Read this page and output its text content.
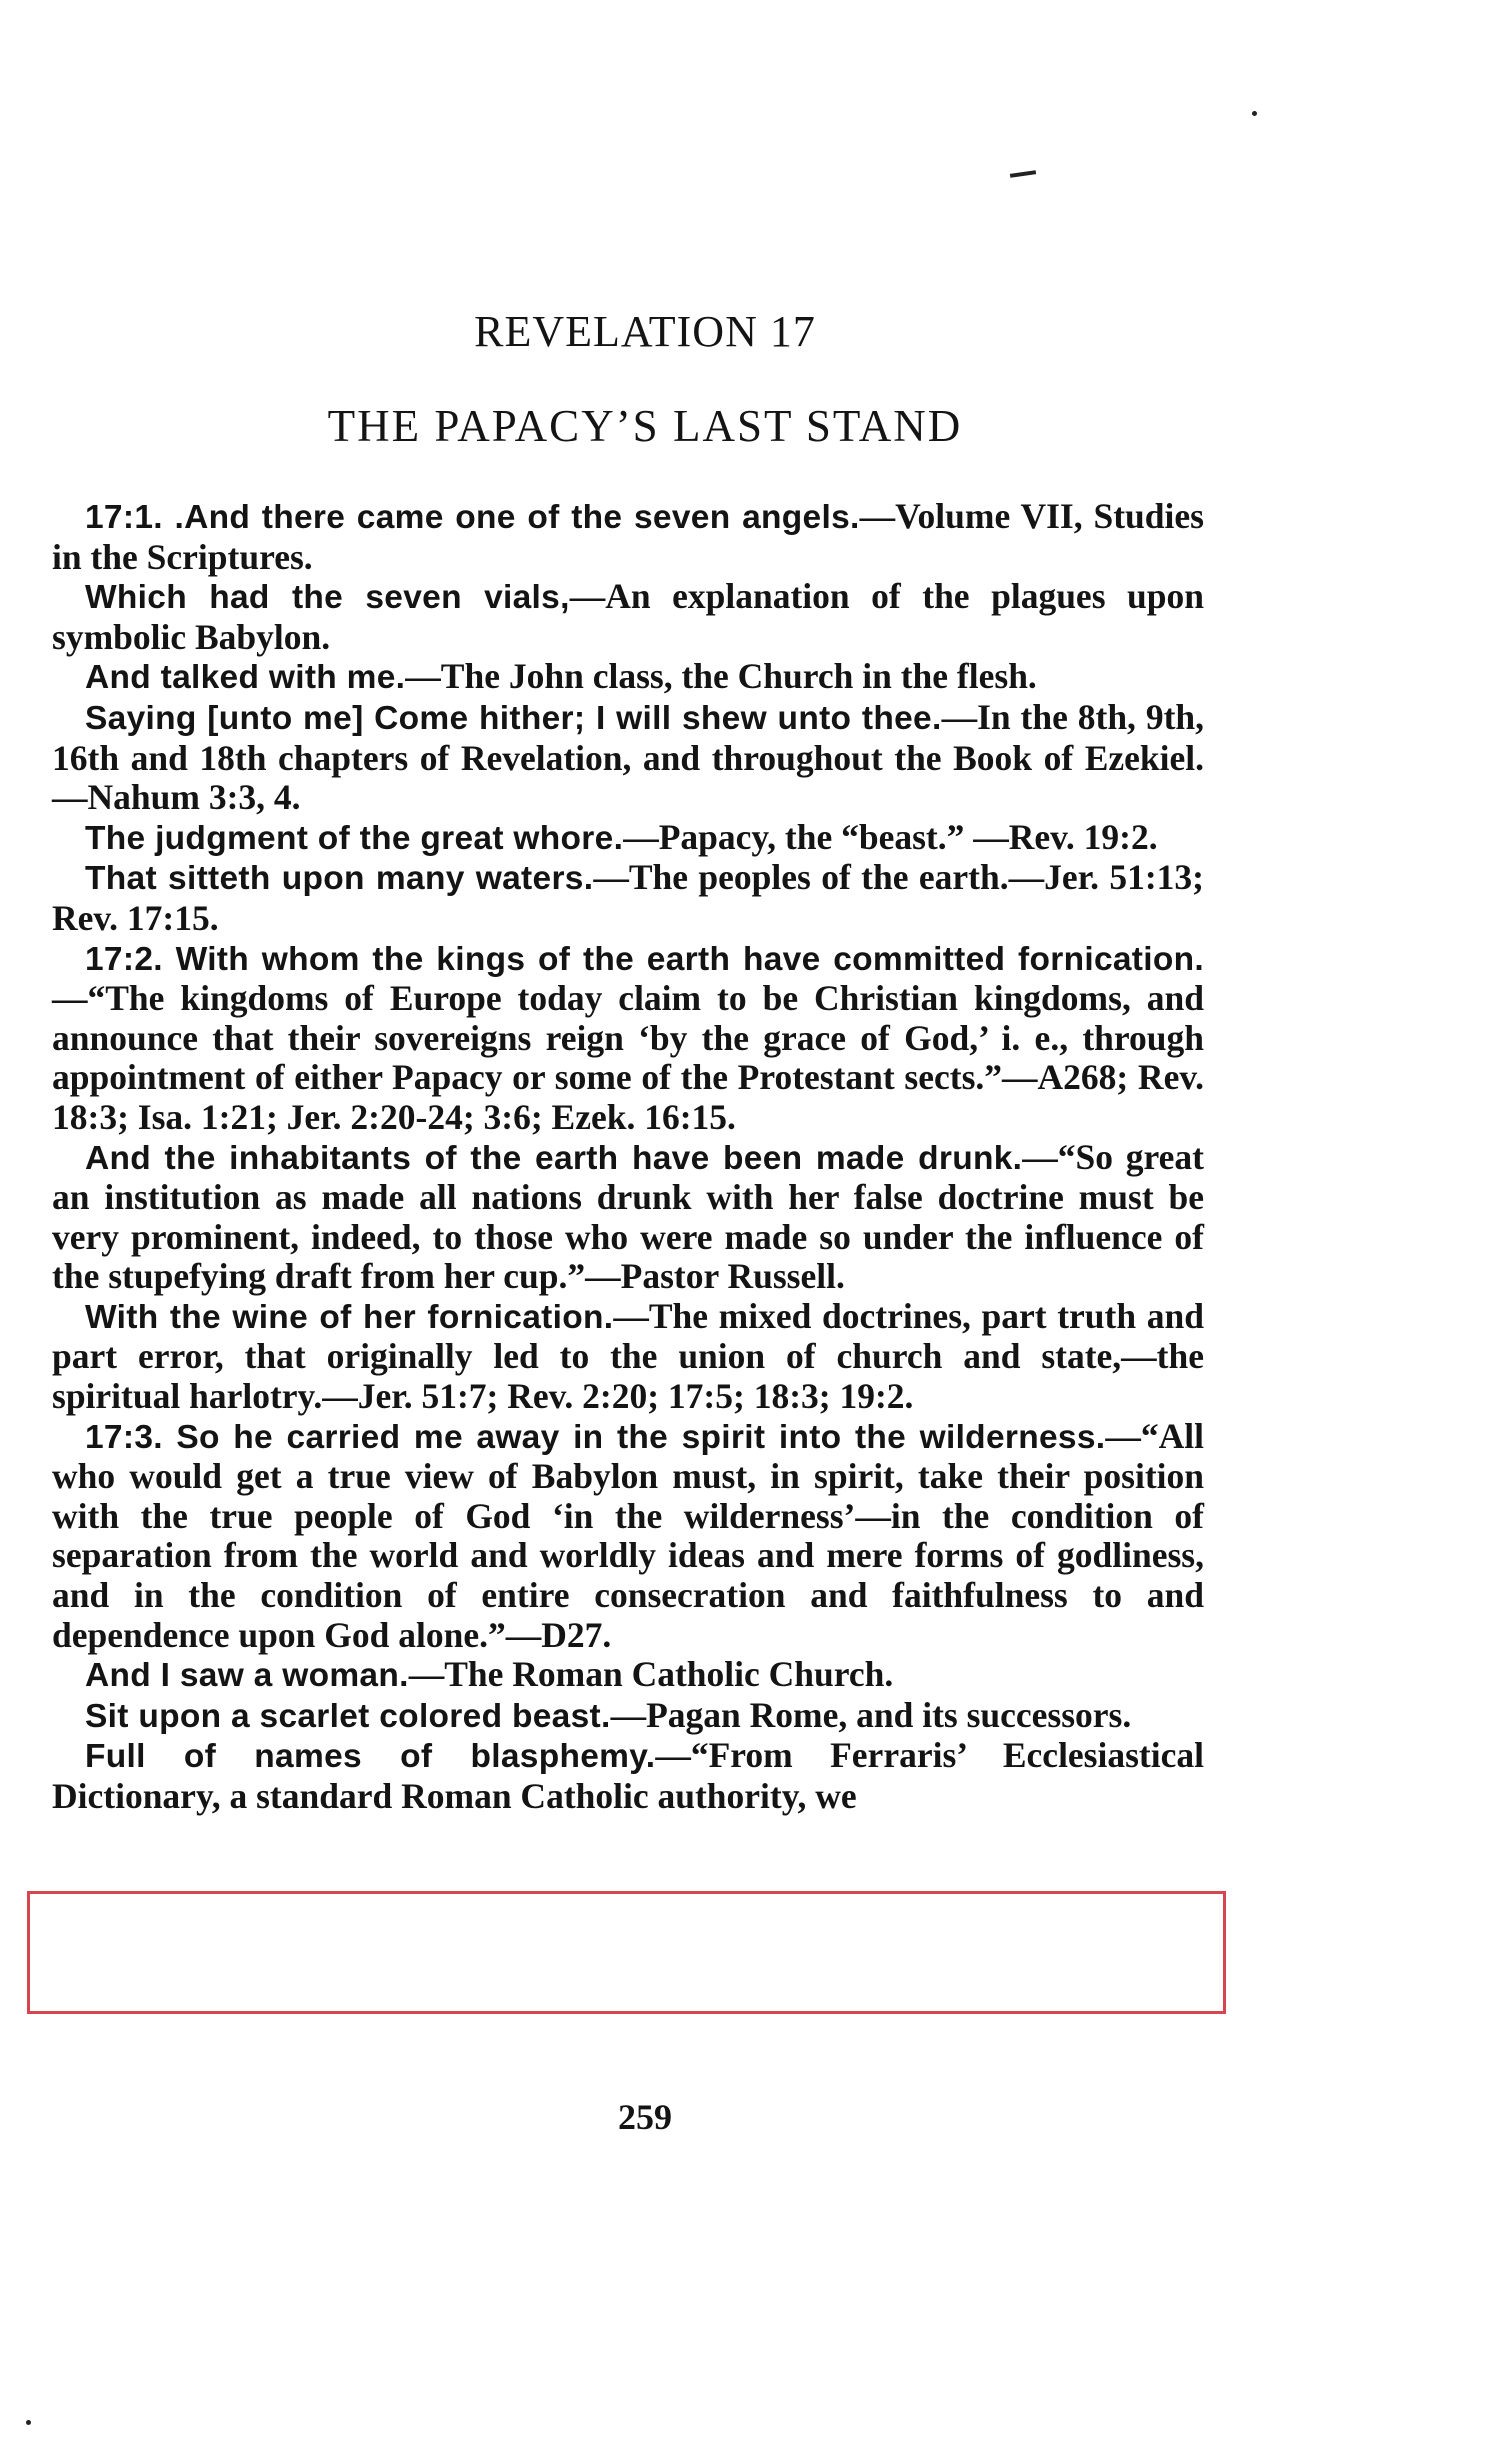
REVELATION 17
THE PAPACY’S LAST STAND

17:1. .And there came one of the seven angels.—Volume VII, Studies in the Scriptures.

Which had the seven vials,—An explanation of the plagues upon symbolic Babylon.

And talked with me.—The John class, the Church in the flesh.

Saying [unto me] Come hither; I will shew unto thee.—In the 8th, 9th, 16th and 18th chapters of Revelation, and throughout the Book of Ezekiel.—Nahum 3:3, 4.

The judgment of the great whore.—Papacy, the “beast.” —Rev. 19:2.

That sitteth upon many waters.—The peoples of the earth.—Jer. 51:13; Rev. 17:15.

17:2. With whom the kings of the earth have committed fornication.—“The kingdoms of Europe today claim to be Christian kingdoms, and announce that their sovereigns reign ‘by the grace of God,’ i. e., through appointment of either Papacy or some of the Protestant sects.”—A268; Rev. 18:3; Isa. 1:21; Jer. 2:20-24; 3:6; Ezek. 16:15.

And the inhabitants of the earth have been made drunk.—“So great an institution as made all nations drunk with her false doctrine must be very prominent, indeed, to those who were made so under the influence of the stupefying draft from her cup.”—Pastor Russell.

With the wine of her fornication.—The mixed doctrines, part truth and part error, that originally led to the union of church and state,—the spiritual harlotry.—Jer. 51:7; Rev. 2:20; 17:5; 18:3; 19:2.

17:3. So he carried me away in the spirit into the wilderness.—“All who would get a true view of Babylon must, in spirit, take their position with the true people of God ‘in the wilderness’—in the condition of separation from the world and worldly ideas and mere forms of godliness, and in the condition of entire consecration and faithfulness to and dependence upon God alone.”—D27.

And I saw a woman.—The Roman Catholic Church.

Sit upon a scarlet colored beast.—Pagan Rome, and its successors.

Full of names of blasphemy.—“From Ferraris’ Ecclesiastical Dictionary, a standard Roman Catholic authority, we

259
